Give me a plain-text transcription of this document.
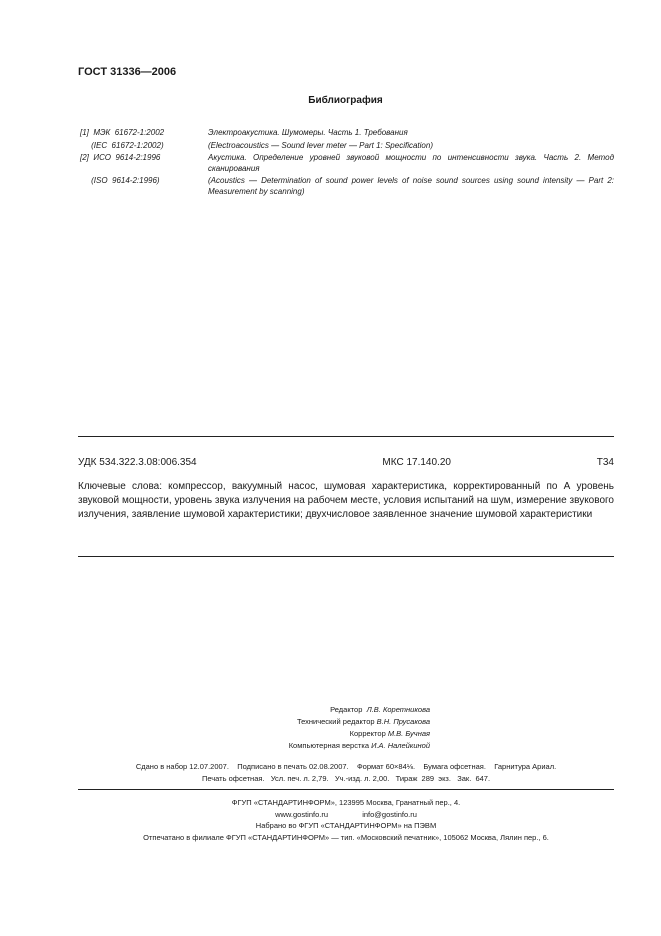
ГОСТ 31336—2006
Библиография
[1]  МЭК  61672-1:2002	Электроакустика. Шумомеры. Часть 1. Требования
(IEC  61672-1:2002)	(Electroacoustics — Sound lever meter — Part 1: Specification)
[2]  ИСО  9614-2:1996	Акустика. Определение уровней звуковой мощности по интенсивности звука. Часть 2. Метод сканирования
(ISO  9614-2:1996)	(Acoustics — Determination of sound power levels of noise sound sources using sound intensity — Part 2: Measurement by scanning)
УДК 534.322.3.08:006.354	МКС 17.140.20	Т34
Ключевые слова: компрессор, вакуумный насос, шумовая характеристика, корректированный по А уровень звуковой мощности, уровень звука излучения на рабочем месте, условия испытаний на шум, измерение звукового излучения, заявление шумовой характеристики; двухчисловое заявленное значение шумовой характеристики
Редактор Л.В. Коретникова
Технический редактор В.Н. Прусакова
Корректор М.В. Бучная
Компьютерная верстка И.А. Налейкиной
Сдано в набор 12.07.2007.    Подписано в печать 02.08.2007.    Формат 60×84⅛.    Бумага офсетная.    Гарнитура Ариал.
Печать офсетная.   Усл. печ. л. 2,79.   Уч.-изд. л. 2,00.   Тираж  289  экз.   Зак.  647.
ФГУП «СТАНДАРТИНФОРМ», 123995 Москва, Гранатный пер., 4.
www.gostinfo.ru	info@gostinfo.ru
Набрано во ФГУП «СТАНДАРТИНФОРМ» на ПЭВМ
Отпечатано в филиале ФГУП «СТАНДАРТИНФОРМ» — тип. «Московский печатник», 105062 Москва, Лялин пер., 6.
